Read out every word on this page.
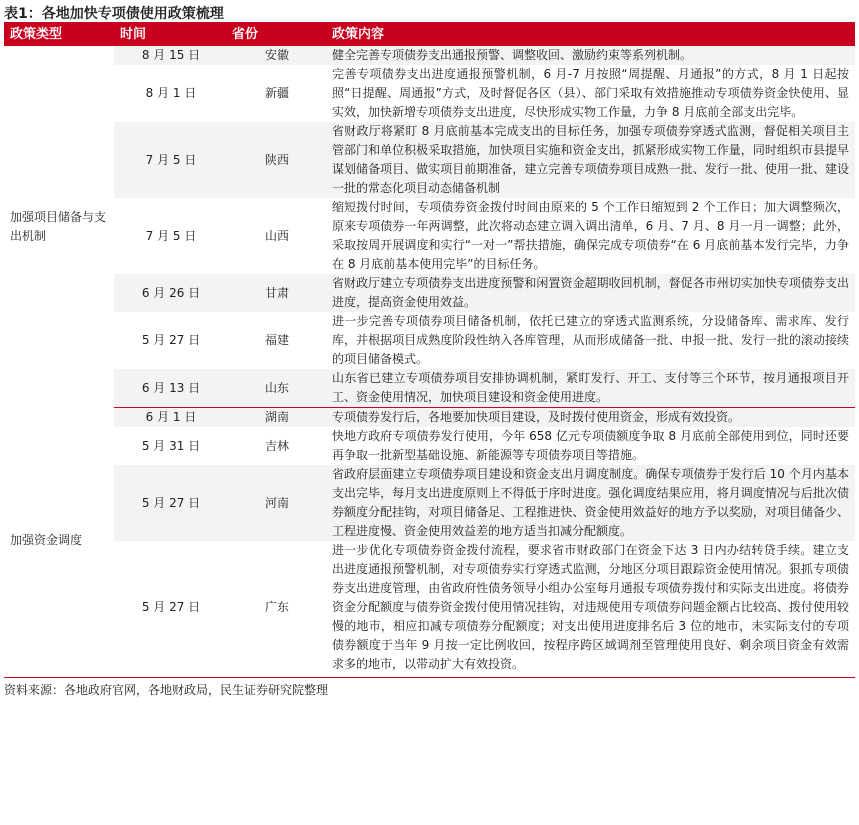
表1：各地加快专项债使用政策梳理
政策类型	时间	省份	政策内容
加强项目储备与支出机制	8 月 15 日	安徽	健全完善专项债券支出通报预警、调整收回、激励约束等系列机制。
	8 月 1 日	新疆	完善专项债券支出进度通报预警机制，6 月-7 月按照“周提醒、月通报”的方式，8 月 1 日起按照“日提醒、周通报”方式，及时督促各区（县）、部门采取有效措施推动专项债券资金快使用、显实效，加快新增专项债券支出进度，尽快形成实物工作量，力争 8 月底前全部支出完毕。
	7 月 5 日	陕西	省财政厅将紧盯 8 月底前基本完成支出的目标任务，加强专项债券穿透式监测，督促相关项目主管部门和单位积极采取措施，加快项目实施和资金支出，抓紧形成实物工作量，同时组织市县提早谋划储备项目、做实项目前期准备，建立完善专项债券项目成熟一批、发行一批、使用一批、建设一批的常态化项目动态储备机制
	7 月 5 日	山西	缩短拨付时间，专项债券资金拨付时间由原来的 5 个工作日缩短到 2 个工作日；加大调整频次，原来专项债券一年两调整，此次将动态建立调入调出清单，6 月、7 月、8 月一月一调整；此外，采取按周开展调度和实行“一对一”帮扶措施，确保完成专项债券“在 6 月底前基本发行完毕，力争在 8 月底前基本使用完毕”的目标任务。
	6 月 26 日	甘肃	省财政厅建立专项债券支出进度预警和闲置资金超期收回机制，督促各市州切实加快专项债券支出进度，提高资金使用效益。
	5 月 27 日	福建	进一步完善专项债券项目储备机制，依托已建立的穿透式监测系统，分设储备库、需求库、发行库，并根据项目成熟度阶段性纳入各库管理，从而形成储备一批、申报一批、发行一批的滚动接续的项目储备模式。
	6 月 13 日	山东	山东省已建立专项债券项目安排协调机制，紧盯发行、开工、支付等三个环节，按月通报项目开工、资金使用情况，加快项目建设和资金使用进度。
加强资金调度	6 月 1 日	湖南	专项债券发行后，各地要加快项目建设，及时拨付使用资金，形成有效投资。
	5 月 31 日	吉林	快地方政府专项债券发行使用，今年 658 亿元专项债额度争取 8 月底前全部使用到位，同时还要再争取一批新型基础设施、新能源等专项债券项目等措施。
	5 月 27 日	河南	省政府层面建立专项债券项目建设和资金支出月调度制度。确保专项债券于发行后 10 个月内基本支出完毕，每月支出进度原则上不得低于序时进度。强化调度结果应用，将月调度情况与后批次债券额度分配挂钩，对项目储备足、工程推进快、资金使用效益好的地方予以奖励，对项目储备少、工程进度慢、资金使用效益差的地方适当扣减分配额度。
	5 月 27 日	广东	进一步优化专项债券资金拨付流程，要求省市财政部门在资金下达 3 日内办结转贷手续。建立支出进度通报预警机制，对专项债券实行穿透式监测，分地区分项目跟踪资金使用情况。狠抓专项债券支出进度管理，由省政府性债务领导小组办公室每月通报专项债券拨付和实际支出进度。将债券资金分配额度与债券资金拨付使用情况挂钩，对违规使用专项债券问题金额占比较高、拨付使用较慢的地市，相应扣减专项债券分配额度；对支出使用进度排名后 3 位的地市，未实际支付的专项债券额度于当年 9 月按一定比例收回，按程序跨区域调剂至管理使用良好、剩余项目资金有效需求多的地市，以带动扩大有效投资。
资料来源：各地政府官网，各地财政局，民生证券研究院整理
